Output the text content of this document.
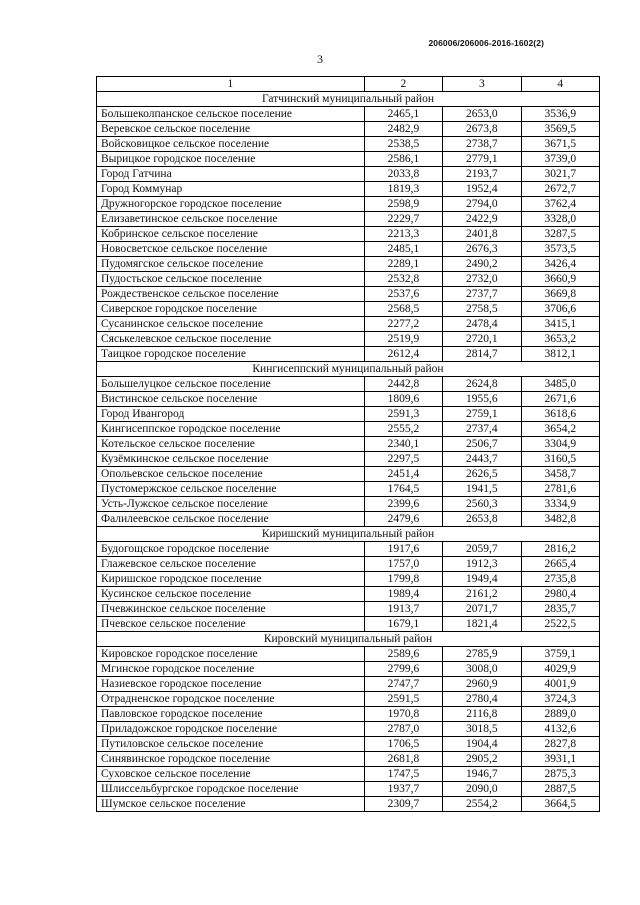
206006/206006-2016-1602(2)
3
1	2	3	4
Гатчинский муниципальный район			
Большеколпанское сельское поселение	2465,1	2653,0	3536,9
Веревское сельское поселение	2482,9	2673,8	3569,5
Войсковицкое сельское поселение	2538,5	2738,7	3671,5
Вырицкое городское поселение	2586,1	2779,1	3739,0
Город Гатчина	2033,8	2193,7	3021,7
Город Коммунар	1819,3	1952,4	2672,7
Дружногорское городское поселение	2598,9	2794,0	3762,4
Елизаветинское сельское поселение	2229,7	2422,9	3328,0
Кобринское сельское поселение	2213,3	2401,8	3287,5
Новосветское сельское поселение	2485,1	2676,3	3573,5
Пудомягское сельское поселение	2289,1	2490,2	3426,4
Пудостьское сельское поселение	2532,8	2732,0	3660,9
Рождественское сельское поселение	2537,6	2737,7	3669,8
Сиверское городское поселение	2568,5	2758,5	3706,6
Сусанинское сельское поселение	2277,2	2478,4	3415,1
Сяськелевское сельское поселение	2519,9	2720,1	3653,2
Таицкое городское поселение	2612,4	2814,7	3812,1
Кингисеппский муниципальный район			
Большелуцкое сельское поселение	2442,8	2624,8	3485,0
Вистинское сельское поселение	1809,6	1955,6	2671,6
Город Ивангород	2591,3	2759,1	3618,6
Кингисеппское городское поселение	2555,2	2737,4	3654,2
Котельское сельское поселение	2340,1	2506,7	3304,9
Кузёмкинское сельское поселение	2297,5	2443,7	3160,5
Опольевское сельское поселение	2451,4	2626,5	3458,7
Пустомержское сельское поселение	1764,5	1941,5	2781,6
Усть-Лужское сельское поселение	2399,6	2560,3	3334,9
Фалилеевское сельское поселение	2479,6	2653,8	3482,8
Киришский муниципальный район			
Будогощское городское поселение	1917,6	2059,7	2816,2
Глажевское сельское поселение	1757,0	1912,3	2665,4
Киришское городское поселение	1799,8	1949,4	2735,8
Кусинское сельское поселение	1989,4	2161,2	2980,4
Пчевжинское сельское поселение	1913,7	2071,7	2835,7
Пчевское сельское поселение	1679,1	1821,4	2522,5
Кировский муниципальный район			
Кировское городское поселение	2589,6	2785,9	3759,1
Мгинское городское поселение	2799,6	3008,0	4029,9
Назиевское городское поселение	2747,7	2960,9	4001,9
Отрадненское городское поселение	2591,5	2780,4	3724,3
Павловское городское поселение	1970,8	2116,8	2889,0
Приладожское городское поселение	2787,0	3018,5	4132,6
Путиловское сельское поселение	1706,5	1904,4	2827,8
Синявинское городское поселение	2681,8	2905,2	3931,1
Суховское сельское поселение	1747,5	1946,7	2875,3
Шлиссельбургское городское поселение	1937,7	2090,0	2887,5
Шумское сельское поселение	2309,7	2554,2	3664,5
